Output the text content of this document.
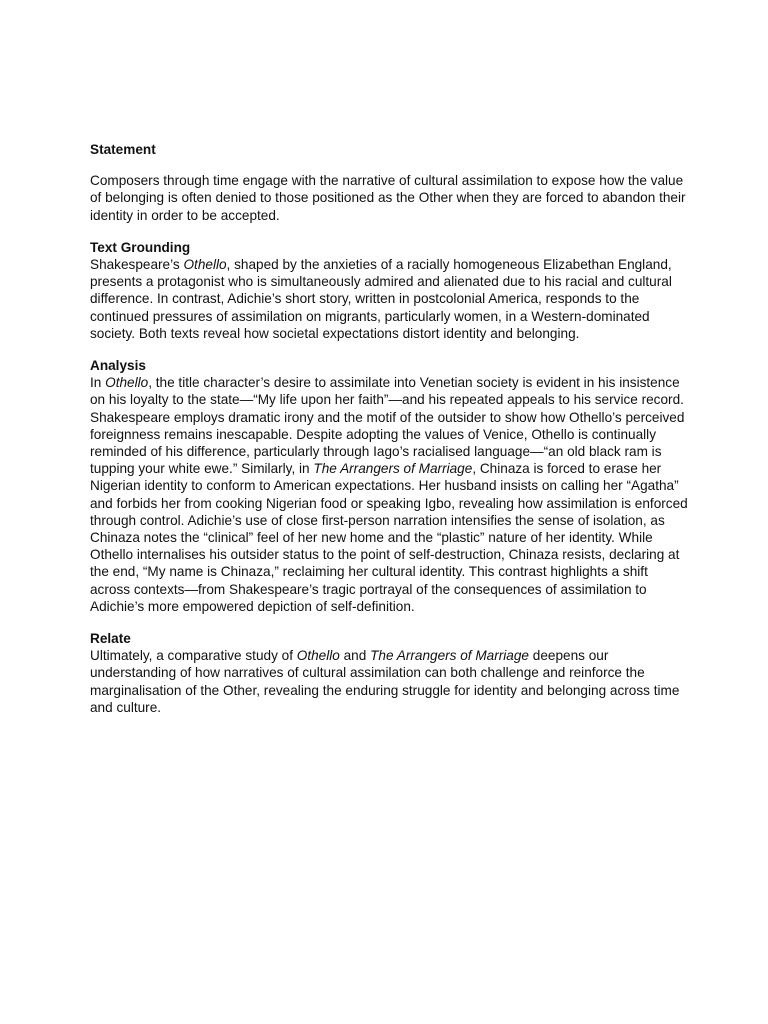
Statement

Composers through time engage with the narrative of cultural assimilation to expose how the value of belonging is often denied to those positioned as the Other when they are forced to abandon their identity in order to be accepted.

Text Grounding

Shakespeare’s Othello, shaped by the anxieties of a racially homogeneous Elizabethan England, presents a protagonist who is simultaneously admired and alienated due to his racial and cultural difference. In contrast, Adichie’s short story, written in postcolonial America, responds to the continued pressures of assimilation on migrants, particularly women, in a Western-dominated society. Both texts reveal how societal expectations distort identity and belonging.

Analysis

In Othello, the title character’s desire to assimilate into Venetian society is evident in his insistence on his loyalty to the state—“My life upon her faith”—and his repeated appeals to his service record. Shakespeare employs dramatic irony and the motif of the outsider to show how Othello’s perceived foreignness remains inescapable. Despite adopting the values of Venice, Othello is continually reminded of his difference, particularly through Iago’s racialised language—“an old black ram is tupping your white ewe.” Similarly, in The Arrangers of Marriage, Chinaza is forced to erase her Nigerian identity to conform to American expectations. Her husband insists on calling her “Agatha” and forbids her from cooking Nigerian food or speaking Igbo, revealing how assimilation is enforced through control. Adichie’s use of close first-person narration intensifies the sense of isolation, as Chinaza notes the “clinical” feel of her new home and the “plastic” nature of her identity. While Othello internalises his outsider status to the point of self-destruction, Chinaza resists, declaring at the end, “My name is Chinaza,” reclaiming her cultural identity. This contrast highlights a shift across contexts—from Shakespeare’s tragic portrayal of the consequences of assimilation to Adichie’s more empowered depiction of self-definition.

Relate

Ultimately, a comparative study of Othello and The Arrangers of Marriage deepens our understanding of how narratives of cultural assimilation can both challenge and reinforce the marginalisation of the Other, revealing the enduring struggle for identity and belonging across time and culture.
